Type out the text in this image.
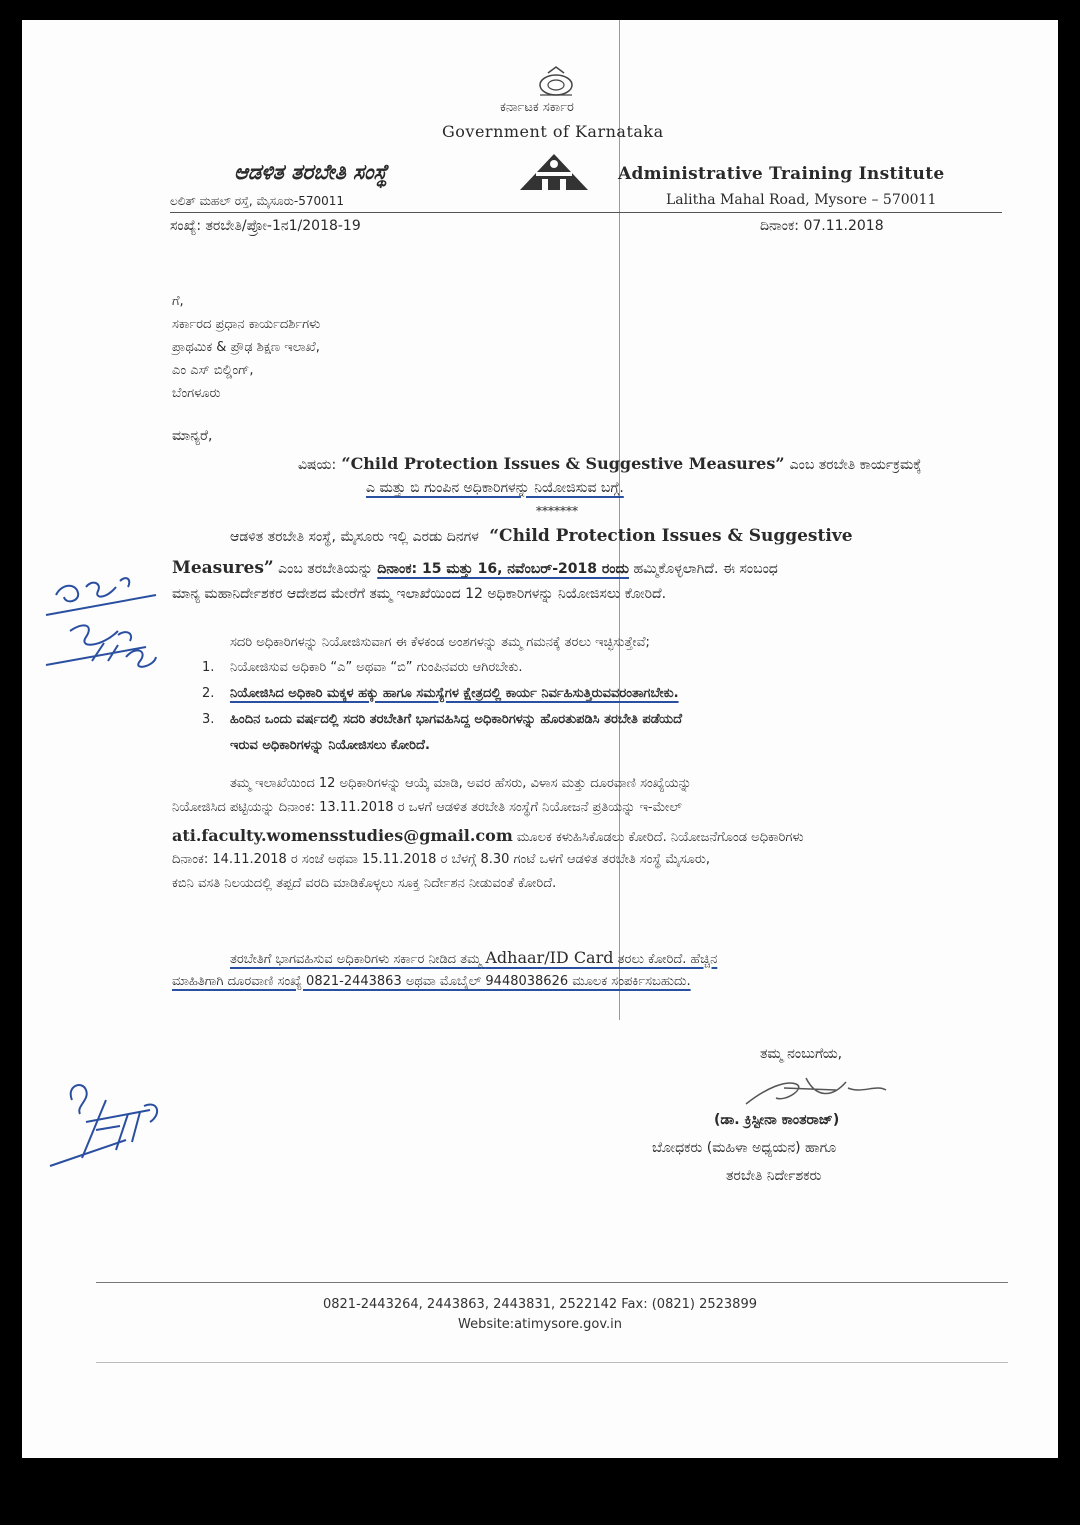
ಕರ್ನಾಟಕ ಸರ್ಕಾರ
Government of Karnataka
ಆಡಳಿತ ತರಬೇತಿ ಸಂಸ್ಥೆ	Administrative Training Institute
ಲಲಿತ್ ಮಹಲ್ ರಸ್ತೆ, ಮೈಸೂರು-570011	Lalitha Mahal Road, Mysore – 570011
ಸಂಖ್ಯೆ: ತರಬೇತಿ/ಪ್ರೋ-1ನ1/2018-19	ದಿನಾಂಕ: 07.11.2018
ಗೆ,
ಸರ್ಕಾರದ ಪ್ರಧಾನ ಕಾರ್ಯದರ್ಶಿಗಳು
ಪ್ರಾಥಮಿಕ & ಪ್ರೌಢ ಶಿಕ್ಷಣ ಇಲಾಖೆ,
ಎಂ ಎಸ್ ಬಿಲ್ಡಿಂಗ್,
ಬೆಂಗಳೂರು
ಮಾನ್ಯರೆ,
ವಿಷಯ: “Child Protection Issues & Suggestive Measures” ಎಂಬ ತರಬೇತಿ ಕಾರ್ಯಕ್ರಮಕ್ಕೆ
ಎ ಮತ್ತು ಬಿ ಗುಂಪಿನ ಅಧಿಕಾರಿಗಳನ್ನು ನಿಯೋಜಿಸುವ ಬಗ್ಗೆ.
*******
ಆಡಳಿತ ತರಬೇತಿ ಸಂಸ್ಥೆ, ಮೈಸೂರು ಇಲ್ಲಿ ಎರಡು ದಿನಗಳ “Child Protection Issues & Suggestive
Measures” ಎಂಬ ತರಬೇತಿಯನ್ನು ದಿನಾಂಕ: 15 ಮತ್ತು 16, ನವೆಂಬರ್-2018 ರಂದು ಹಮ್ಮಿಕೊಳ್ಳಲಾಗಿದೆ. ಈ ಸಂಬಂಧ
ಮಾನ್ಯ ಮಹಾನಿರ್ದೇಶಕರ ಆದೇಶದ ಮೇರೆಗೆ ತಮ್ಮ ಇಲಾಖೆಯಿಂದ 12 ಅಧಿಕಾರಿಗಳನ್ನು ನಿಯೋಜಿಸಲು ಕೋರಿದೆ.
ಸದರಿ ಅಧಿಕಾರಿಗಳನ್ನು ನಿಯೋಜಿಸುವಾಗ ಈ ಕೆಳಕಂಡ ಅಂಶಗಳನ್ನು ತಮ್ಮ ಗಮನಕ್ಕೆ ತರಲು ಇಚ್ಛಿಸುತ್ತೇವೆ;
1. ನಿಯೋಜಿಸುವ ಅಧಿಕಾರಿ “ಎ” ಅಥವಾ “ಬಿ” ಗುಂಪಿನವರು ಆಗಿರಬೇಕು.
2. ನಿಯೋಜಿಸಿದ ಅಧಿಕಾರಿ ಮಕ್ಕಳ ಹಕ್ಕು ಹಾಗೂ ಸಮಸ್ಯೆಗಳ ಕ್ಷೇತ್ರದಲ್ಲಿ ಕಾರ್ಯ ನಿರ್ವಹಿಸುತ್ತಿರುವವರಂತಾಗಬೇಕು.
3. ಹಿಂದಿನ ಒಂದು ವರ್ಷದಲ್ಲಿ ಸದರಿ ತರಬೇತಿಗೆ ಭಾಗವಹಿಸಿದ್ದ ಅಧಿಕಾರಿಗಳನ್ನು ಹೊರತುಪಡಿಸಿ ತರಬೇತಿ ಪಡೆಯದೆ
ಇರುವ ಅಧಿಕಾರಿಗಳನ್ನು ನಿಯೋಜಿಸಲು ಕೋರಿದೆ.
ತಮ್ಮ ಇಲಾಖೆಯಿಂದ 12 ಅಧಿಕಾರಿಗಳನ್ನು ಆಯ್ಕೆ ಮಾಡಿ, ಅವರ ಹೆಸರು, ವಿಳಾಸ ಮತ್ತು ದೂರವಾಣಿ ಸಂಖ್ಯೆಯನ್ನು
ನಿಯೋಜಿಸಿದ ಪಟ್ಟಿಯನ್ನು ದಿನಾಂಕ: 13.11.2018 ರ ಒಳಗೆ ಆಡಳಿತ ತರಬೇತಿ ಸಂಸ್ಥೆಗೆ ನಿಯೋಜನೆ ಪ್ರತಿಯನ್ನು ಇ-ಮೇಲ್
ati.faculty.womensstudies@gmail.com ಮೂಲಕ ಕಳುಹಿಸಿಕೊಡಲು ಕೋರಿದೆ. ನಿಯೋಜನೆಗೊಂಡ ಅಧಿಕಾರಿಗಳು
ದಿನಾಂಕ: 14.11.2018 ರ ಸಂಜೆ ಅಥವಾ 15.11.2018 ರ ಬೆಳಗ್ಗೆ 8.30 ಗಂಟೆ ಒಳಗೆ ಆಡಳಿತ ತರಬೇತಿ ಸಂಸ್ಥೆ ಮೈಸೂರು,
ಕಬಿನಿ ವಸತಿ ನಿಲಯದಲ್ಲಿ ತಪ್ಪದೆ ವರದಿ ಮಾಡಿಕೊಳ್ಳಲು ಸೂಕ್ತ ನಿರ್ದೇಶನ ನೀಡುವಂತೆ ಕೋರಿದೆ.
ತರಬೇತಿಗೆ ಭಾಗವಹಿಸುವ ಅಧಿಕಾರಿಗಳು ಸರ್ಕಾರ ನೀಡಿದ ತಮ್ಮ Adhaar/ID Card ತರಲು ಕೋರಿದೆ. ಹೆಚ್ಚಿನ
ಮಾಹಿತಿಗಾಗಿ ದೂರವಾಣಿ ಸಂಖ್ಯೆ 0821-2443863 ಅಥವಾ ಮೊಬೈಲ್ 9448038626 ಮೂಲಕ ಸಂಪರ್ಕಿಸಬಹುದು.
ತಮ್ಮ ನಂಬುಗೆಯ,
(ಡಾ. ಕ್ರಿಸ್ಟೀನಾ ಕಾಂತರಾಜ್)
ಬೋಧಕರು (ಮಹಿಳಾ ಅಧ್ಯಯನ) ಹಾಗೂ
ತರಬೇತಿ ನಿರ್ದೇಶಕರು
0821-2443264, 2443863, 2443831, 2522142 Fax: (0821) 2523899
Website:atimysore.gov.in
